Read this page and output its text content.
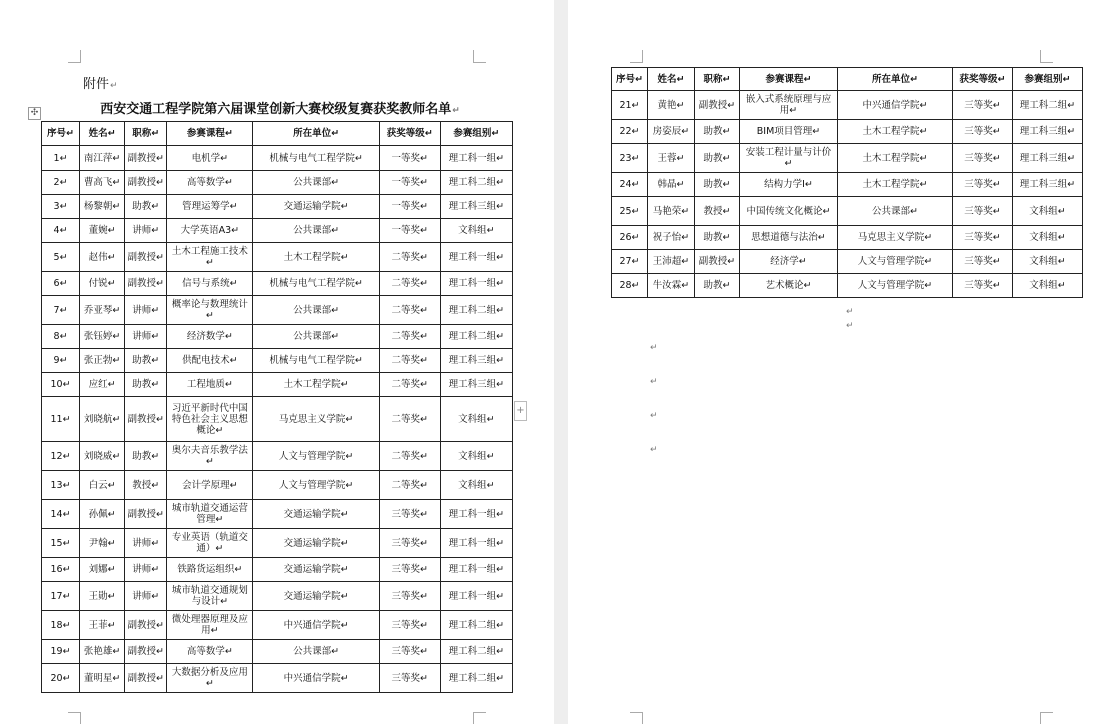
附件↵
西安交通工程学院第六届课堂创新大赛校级复赛获奖教师名单↵
✣
+
序号↵	姓名↵	职称↵	参赛课程↵	所在单位↵	获奖等级↵	参赛组别↵
1↵	南江萍↵	副教授↵	电机学↵	机械与电气工程学院↵	一等奖↵	理工科一组↵
2↵	曹高飞↵	副教授↵	高等数学↵	公共课部↵	一等奖↵	理工科二组↵
3↵	杨黎朝↵	助教↵	管理运筹学↵	交通运输学院↵	一等奖↵	理工科三组↵
4↵	董婉↵	讲师↵	大学英语A3↵	公共课部↵	一等奖↵	文科组↵
5↵	赵伟↵	副教授↵	土木工程施工技术↵	土木工程学院↵	二等奖↵	理工科一组↵
6↵	付锐↵	副教授↵	信号与系统↵	机械与电气工程学院↵	二等奖↵	理工科一组↵
7↵	乔亚琴↵	讲师↵	概率论与数理统计↵	公共课部↵	二等奖↵	理工科二组↵
8↵	张钰婷↵	讲师↵	经济数学↵	公共课部↵	二等奖↵	理工科二组↵
9↵	张正勃↵	助教↵	供配电技术↵	机械与电气工程学院↵	二等奖↵	理工科三组↵
10↵	应红↵	助教↵	工程地质↵	土木工程学院↵	二等奖↵	理工科三组↵
11↵	刘晓航↵	副教授↵	习近平新时代中国特色社会主义思想概论↵	马克思主义学院↵	二等奖↵	文科组↵
12↵	刘晓威↵	助教↵	奥尔夫音乐教学法↵	人文与管理学院↵	二等奖↵	文科组↵
13↵	白云↵	教授↵	会计学原理↵	人文与管理学院↵	二等奖↵	文科组↵
14↵	孙佩↵	副教授↵	城市轨道交通运营管理↵	交通运输学院↵	三等奖↵	理工科一组↵
15↵	尹翰↵	讲师↵	专业英语（轨道交通）↵	交通运输学院↵	三等奖↵	理工科一组↵
16↵	刘娜↵	讲师↵	铁路货运组织↵	交通运输学院↵	三等奖↵	理工科一组↵
17↵	王勋↵	讲师↵	城市轨道交通规划与设计↵	交通运输学院↵	三等奖↵	理工科一组↵
18↵	王菲↵	副教授↵	微处理器原理及应用↵	中兴通信学院↵	三等奖↵	理工科二组↵
19↵	张艳雄↵	副教授↵	高等数学↵	公共课部↵	三等奖↵	理工科二组↵
20↵	董明星↵	副教授↵	大数据分析及应用↵	中兴通信学院↵	三等奖↵	理工科二组↵
序号↵	姓名↵	职称↵	参赛课程↵	所在单位↵	获奖等级↵	参赛组别↵
21↵	黄艳↵	副教授↵	嵌入式系统原理与应用↵	中兴通信学院↵	三等奖↵	理工科二组↵
22↵	房姿辰↵	助教↵	BIM项目管理↵	土木工程学院↵	三等奖↵	理工科三组↵
23↵	王蓉↵	助教↵	安装工程计量与计价↵	土木工程学院↵	三等奖↵	理工科三组↵
24↵	韩晶↵	助教↵	结构力学Ⅰ↵	土木工程学院↵	三等奖↵	理工科三组↵
25↵	马艳荣↵	教授↵	中国传统文化概论↵	公共课部↵	三等奖↵	文科组↵
26↵	祝子怡↵	助教↵	思想道德与法治↵	马克思主义学院↵	三等奖↵	文科组↵
27↵	王沛超↵	副教授↵	经济学↵	人文与管理学院↵	三等奖↵	文科组↵
28↵	牛汝霖↵	助教↵	艺术概论↵	人文与管理学院↵	三等奖↵	文科组↵
↵
↵
↵
↵
↵
↵
